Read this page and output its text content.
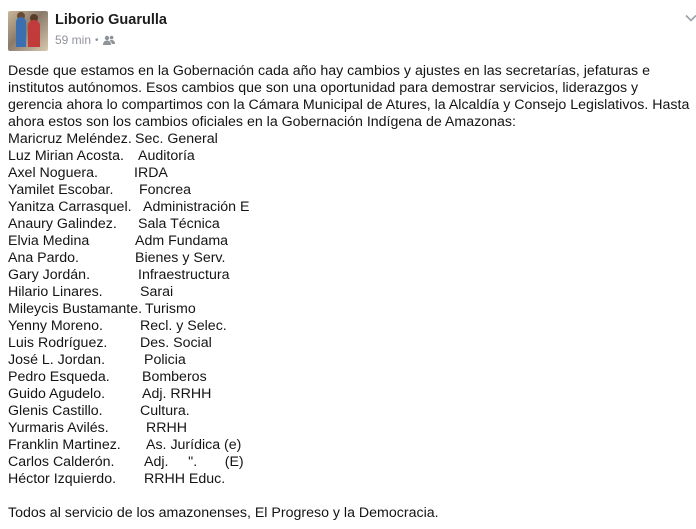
Liborio Guarulla
59 min •

Desde que estamos en la Gobernación cada año hay cambios y ajustes en las secretarías, jefaturas e institutos autónomos. Esos cambios que son una oportunidad para demostrar servicios, liderazgos y gerencia ahora lo compartimos con la Cámara Municipal de Atures, la Alcaldía y Consejo Legislativos. Hasta ahora estos son los cambios oficiales en la Gobernación Indígena de Amazonas:

Maricruz Meléndez. Sec. General
Luz Mirian Acosta. Auditoría
Axel Noguera.	IRDA
Yamilet Escobar. Foncrea
Yanitza Carrasquel. Administración E
Anaury Galindez. Sala Técnica
Elvia Medina	Adm Fundama
Ana Pardo.	Bienes y Serv.
Gary Jordán.	Infraestructura
Hilario Linares.	Sarai
Mileycis Bustamante. Turismo
Yenny Moreno.	Recl. y Selec.
Luis Rodríguez. Des. Social
José L. Jordan.	Policia
Pedro Esqueda. Bomberos
Guido Agudelo.	Adj. RRHH
Glenis Castillo.	Cultura.
Yurmaris Avilés.	RRHH
Franklin Martinez. As. Jurídica (e)
Carlos Calderón. Adj.     ".       (E)
Héctor Izquierdo. RRHH Educ.
Todos al servicio de los amazonenses, El Progreso y la Democracia.
